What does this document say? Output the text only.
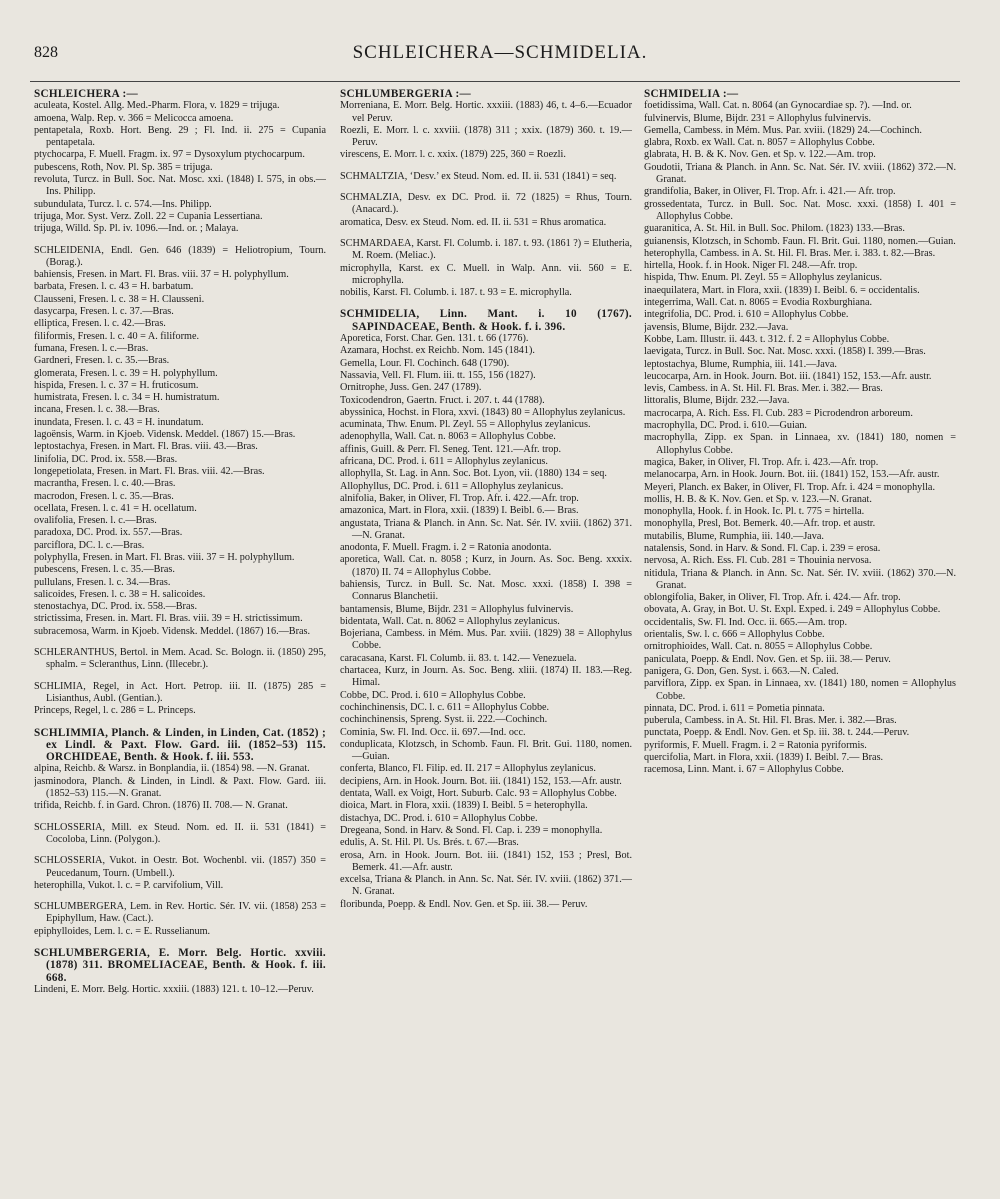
828	SCHLEICHERA—SCHMIDELIA.
SCHLEICHERA :—
aculeata, Kostel. Allg. Med.-Pharm. Flora, v. 1829 = trijuga.
amoena, Walp. Rep. v. 366 = Melicocca amoena.
pentapetala, Roxb. Hort. Beng. 29 ; Fl. Ind. ii. 275 = Cupania pentapetala.
ptychocarpa, F. Muell. Fragm. ix. 97 = Dysoxylum ptychocarpum.
pubescens, Roth, Nov. Pl. Sp. 385 = trijuga.
revoluta, Turcz. in Bull. Soc. Nat. Mosc. xxi. (1848) I. 575, in obs.—Ins. Philipp.
subundulata, Turcz. l. c. 574.—Ins. Philipp.
trijuga, Mor. Syst. Verz. Zoll. 22 = Cupania Lessertiana.
trijuga, Willd. Sp. Pl. iv. 1096.—Ind. or. ; Malaya.
SCHLEIDENIA, Endl. Gen. 646 (1839) = Heliotropium, Tourn. (Borag.).
bahiensis, Fresen. in Mart. Fl. Bras. viii. 37 = H. polyphyllum.
barbata, Fresen. l. c. 43 = H. barbatum.
Clausseni, Fresen. l. c. 38 = H. Clausseni.
dasycarpa, Fresen. l. c. 37.—Bras.
elliptica, Fresen. l. c. 42.—Bras.
filiformis, Fresen. l. c. 40 = A. filiforme.
fumana, Fresen. l. c.—Bras.
Gardneri, Fresen. l. c. 35.—Bras.
glomerata, Fresen. l. c. 39 = H. polyphyllum.
hispida, Fresen. l. c. 37 = H. fruticosum.
humistrata, Fresen. l. c. 34 = H. humistratum.
incana, Fresen. l. c. 38.—Bras.
inundata, Fresen. l. c. 43 = H. inundatum.
lagoënsis, Warm. in Kjoeb. Vidensk. Meddel. (1867) 15.—Bras.
leptostachya, Fresen. in Mart. Fl. Bras. viii. 43.—Bras.
linifolia, DC. Prod. ix. 558.—Bras.
longepetiolata, Fresen. in Mart. Fl. Bras. viii. 42.—Bras.
macrantha, Fresen. l. c. 40.—Bras.
macrodon, Fresen. l. c. 35.—Bras.
ocellata, Fresen. l. c. 41 = H. ocellatum.
ovalifolia, Fresen. l. c.—Bras.
paradoxa, DC. Prod. ix. 557.—Bras.
parciflora, DC. l. c.—Bras.
polyphylla, Fresen. in Mart. Fl. Bras. viii. 37 = H. polyphyllum.
pubescens, Fresen. l. c. 35.—Bras.
pullulans, Fresen. l. c. 34.—Bras.
salicoides, Fresen. l. c. 38 = H. salicoides.
stenostachya, DC. Prod. ix. 558.—Bras.
strictissima, Fresen. in. Mart. Fl. Bras. viii. 39 = H. strictissimum.
subracemosa, Warm. in Kjoeb. Vidensk. Meddel. (1867) 16.—Bras.
SCHLERANTHUS, Bertol. in Mem. Acad. Sc. Bologn. ii. (1850) 295, sphalm. = Scleranthus, Linn. (Illecebr.).
SCHLIMIA, Regel, in Act. Hort. Petrop. iii. II. (1875) 285 = Lisianthus, Aubl. (Gentian.).
Princeps, Regel, l. c. 286 = L. Princeps.
SCHLIMMIA, Planch. & Linden, in Linden, Cat. (1852) ; ex Lindl. & Paxt. Flow. Gard. iii. (1852–53) 115. ORCHIDEAE, Benth. & Hook. f. iii. 553.
alpina, Reichb. & Warsz. in Bonplandia, ii. (1854) 98. —N. Granat.
jasminodora, Planch. & Linden, in Lindl. & Paxt. Flow. Gard. iii. (1852–53) 115.—N. Granat.
trifida, Reichb. f. in Gard. Chron. (1876) II. 708.— N. Granat.
SCHLOSSERIA, Mill. ex Steud. Nom. ed. II. ii. 531 (1841) = Cocoloba, Linn. (Polygon.).
SCHLOSSERIA, Vukot. in Oestr. Bot. Wochenbl. vii. (1857) 350 = Peucedanum, Tourn. (Umbell.).
heterophilla, Vukot. l. c. = P. carvifolium, Vill.
SCHLUMBERGERA, Lem. in Rev. Hortic. Sér. IV. vii. (1858) 253 = Epiphyllum, Haw. (Cact.).
epiphylloides, Lem. l. c. = E. Russelianum.
SCHLUMBERGERIA, E. Morr. Belg. Hortic. xxviii. (1878) 311. BROMELIACEAE, Benth. & Hook. f. iii. 668.
Lindeni, E. Morr. Belg. Hortic. xxxiii. (1883) 121. t. 10–12.—Peruv.
SCHLUMBERGERIA :—
Morreniana, E. Morr. Belg. Hortic. xxxiii. (1883) 46, t. 4–6.—Ecuador vel Peruv.
Roezli, E. Morr. l. c. xxviii. (1878) 311 ; xxix. (1879) 360. t. 19.—Peruv.
virescens, E. Morr. l. c. xxix. (1879) 225, 360 = Roezli.
SCHMALTZIA, ‘Desv.’ ex Steud. Nom. ed. II. ii. 531 (1841) = seq.
SCHMALZIA, Desv. ex DC. Prod. ii. 72 (1825) = Rhus, Tourn. (Anacard.).
aromatica, Desv. ex Steud. Nom. ed. II. ii. 531 = Rhus aromatica.
SCHMARDAEA, Karst. Fl. Columb. i. 187. t. 93. (1861 ?) = Elutheria, M. Roem. (Meliac.).
microphylla, Karst. ex C. Muell. in Walp. Ann. vii. 560 = E. microphylla.
nobilis, Karst. Fl. Columb. i. 187. t. 93 = E. microphylla.
SCHMIDELIA, Linn. Mant. i. 10 (1767). SAPINDACEAE, Benth. & Hook. f. i. 396.
Aporetica, Forst. Char. Gen. 131. t. 66 (1776).
Azamara, Hochst. ex Reichb. Nom. 145 (1841).
Gemella, Lour. Fl. Cochinch. 648 (1790).
Nassavia, Vell. Fl. Flum. iii. tt. 155, 156 (1827).
Ornitrophe, Juss. Gen. 247 (1789).
Toxicodendron, Gaertn. Fruct. i. 207. t. 44 (1788).
abyssinica, Hochst. in Flora, xxvi. (1843) 80 = Allophylus zeylanicus.
acuminata, Thw. Enum. Pl. Zeyl. 55 = Allophylus zeylanicus.
adenophylla, Wall. Cat. n. 8063 = Allophylus Cobbe.
affinis, Guill. & Perr. Fl. Seneg. Tent. 121.—Afr. trop.
africana, DC. Prod. i. 611 = Allophylus zeylanicus.
allophylla, St. Lag. in Ann. Soc. Bot. Lyon, vii. (1880) 134 = seq.
Allophyllus, DC. Prod. i. 611 = Allophylus zeylanicus.
alnifolia, Baker, in Oliver, Fl. Trop. Afr. i. 422.—Afr. trop.
amazonica, Mart. in Flora, xxii. (1839) I. Beibl. 6.— Bras.
angustata, Triana & Planch. in Ann. Sc. Nat. Sér. IV. xviii. (1862) 371.—N. Granat.
anodonta, F. Muell. Fragm. i. 2 = Ratonia anodonta.
aporetica, Wall. Cat. n. 8058 ; Kurz, in Journ. As. Soc. Beng. xxxix. (1870) II. 74 = Allophylus Cobbe.
bahiensis, Turcz. in Bull. Sc. Nat. Mosc. xxxi. (1858) I. 398 = Connarus Blanchetii.
bantamensis, Blume, Bijdr. 231 = Allophylus fulvinervis.
bidentata, Wall. Cat. n. 8062 = Allophylus zeylanicus.
Bojeriana, Cambess. in Mém. Mus. Par. xviii. (1829) 38 = Allophylus Cobbe.
caracasana, Karst. Fl. Columb. ii. 83. t. 142.— Venezuela.
chartacea, Kurz, in Journ. As. Soc. Beng. xliii. (1874) II. 183.—Reg. Himal.
Cobbe, DC. Prod. i. 610 = Allophylus Cobbe.
cochinchinensis, DC. l. c. 611 = Allophylus Cobbe.
cochinchinensis, Spreng. Syst. ii. 222.—Cochinch.
Cominia, Sw. Fl. Ind. Occ. ii. 697.—Ind. occ.
conduplicata, Klotzsch, in Schomb. Faun. Fl. Brit. Gui. 1180, nomen.—Guian.
conferta, Blanco, Fl. Filip. ed. II. 217 = Allophylus zeylanicus.
decipiens, Arn. in Hook. Journ. Bot. iii. (1841) 152, 153.—Afr. austr.
dentata, Wall. ex Voigt, Hort. Suburb. Calc. 93 = Allophylus Cobbe.
dioica, Mart. in Flora, xxii. (1839) I. Beibl. 5 = heterophylla.
distachya, DC. Prod. i. 610 = Allophylus Cobbe.
Dregeana, Sond. in Harv. & Sond. Fl. Cap. i. 239 = monophylla.
edulis, A. St. Hil. Pl. Us. Brés. t. 67.—Bras.
erosa, Arn. in Hook. Journ. Bot. iii. (1841) 152, 153 ; Presl, Bot. Bemerk. 41.—Afr. austr.
excelsa, Triana & Planch. in Ann. Sc. Nat. Sér. IV. xviii. (1862) 371.—N. Granat.
floribunda, Poepp. & Endl. Nov. Gen. et Sp. iii. 38.— Peruv.
SCHMIDELIA :—
foetidissima, Wall. Cat. n. 8064 (an Gynocardiae sp. ?). —Ind. or.
fulvinervis, Blume, Bijdr. 231 = Allophylus fulvinervis.
Gemella, Cambess. in Mém. Mus. Par. xviii. (1829) 24.—Cochinch.
glabra, Roxb. ex Wall. Cat. n. 8057 = Allophylus Cobbe.
glabrata, H. B. & K. Nov. Gen. et Sp. v. 122.—Am. trop.
Goudotii, Triana & Planch. in Ann. Sc. Nat. Sér. IV. xviii. (1862) 372.—N. Granat.
grandifolia, Baker, in Oliver, Fl. Trop. Afr. i. 421.— Afr. trop.
grossedentata, Turcz. in Bull. Soc. Nat. Mosc. xxxi. (1858) I. 401 = Allophylus Cobbe.
guaranitica, A. St. Hil. in Bull. Soc. Philom. (1823) 133.—Bras.
guianensis, Klotzsch, in Schomb. Faun. Fl. Brit. Gui. 1180, nomen.—Guian.
heterophylla, Cambess. in A. St. Hil. Fl. Bras. Mer. i. 383. t. 82.—Bras.
hirtella, Hook. f. in Hook. Niger Fl. 248.—Afr. trop.
hispida, Thw. Enum. Pl. Zeyl. 55 = Allophylus zeylanicus.
inaequilatera, Mart. in Flora, xxii. (1839) I. Beibl. 6. = occidentalis.
integerrima, Wall. Cat. n. 8065 = Evodia Roxburghiana.
integrifolia, DC. Prod. i. 610 = Allophylus Cobbe.
javensis, Blume, Bijdr. 232.—Java.
Kobbe, Lam. Illustr. ii. 443. t. 312. f. 2 = Allophylus Cobbe.
laevigata, Turcz. in Bull. Soc. Nat. Mosc. xxxi. (1858) I. 399.—Bras.
leptostachya, Blume, Rumphia, iii. 141.—Java.
leucocarpa, Arn. in Hook. Journ. Bot. iii. (1841) 152, 153.—Afr. austr.
levis, Cambess. in A. St. Hil. Fl. Bras. Mer. i. 382.— Bras.
littoralis, Blume, Bijdr. 232.—Java.
macrocarpa, A. Rich. Ess. Fl. Cub. 283 = Picrodendron arboreum.
macrophylla, DC. Prod. i. 610.—Guian.
macrophylla, Zipp. ex Span. in Linnaea, xv. (1841) 180, nomen = Allophylus Cobbe.
magica, Baker, in Oliver, Fl. Trop. Afr. i. 423.—Afr. trop.
melanocarpa, Arn. in Hook. Journ. Bot. iii. (1841) 152, 153.—Afr. austr.
Meyeri, Planch. ex Baker, in Oliver, Fl. Trop. Afr. i. 424 = monophylla.
mollis, H. B. & K. Nov. Gen. et Sp. v. 123.—N. Granat.
monophylla, Hook. f. in Hook. Ic. Pl. t. 775 = hirtella.
monophylla, Presl, Bot. Bemerk. 40.—Afr. trop. et austr.
mutabilis, Blume, Rumphia, iii. 140.—Java.
natalensis, Sond. in Harv. & Sond. Fl. Cap. i. 239 = erosa.
nervosa, A. Rich. Ess. Fl. Cub. 281 = Thouinia nervosa.
nitidula, Triana & Planch. in Ann. Sc. Nat. Sér. IV. xviii. (1862) 370.—N. Granat.
oblongifolia, Baker, in Oliver, Fl. Trop. Afr. i. 424.— Afr. trop.
obovata, A. Gray, in Bot. U. St. Expl. Exped. i. 249 = Allophylus Cobbe.
occidentalis, Sw. Fl. Ind. Occ. ii. 665.—Am. trop.
orientalis, Sw. l. c. 666 = Allophylus Cobbe.
ornitrophioides, Wall. Cat. n. 8055 = Allophylus Cobbe.
paniculata, Poepp. & Endl. Nov. Gen. et Sp. iii. 38.— Peruv.
panigera, G. Don, Gen. Syst. i. 663.—N. Caled.
parviflora, Zipp. ex Span. in Linnaea, xv. (1841) 180, nomen = Allophylus Cobbe.
pinnata, DC. Prod. i. 611 = Pometia pinnata.
puberula, Cambess. in A. St. Hil. Fl. Bras. Mer. i. 382.—Bras.
punctata, Poepp. & Endl. Nov. Gen. et Sp. iii. 38. t. 244.—Peruv.
pyriformis, F. Muell. Fragm. i. 2 = Ratonia pyriformis.
quercifolia, Mart. in Flora, xxii. (1839) I. Beibl. 7.— Bras.
racemosa, Linn. Mant. i. 67 = Allophylus Cobbe.
